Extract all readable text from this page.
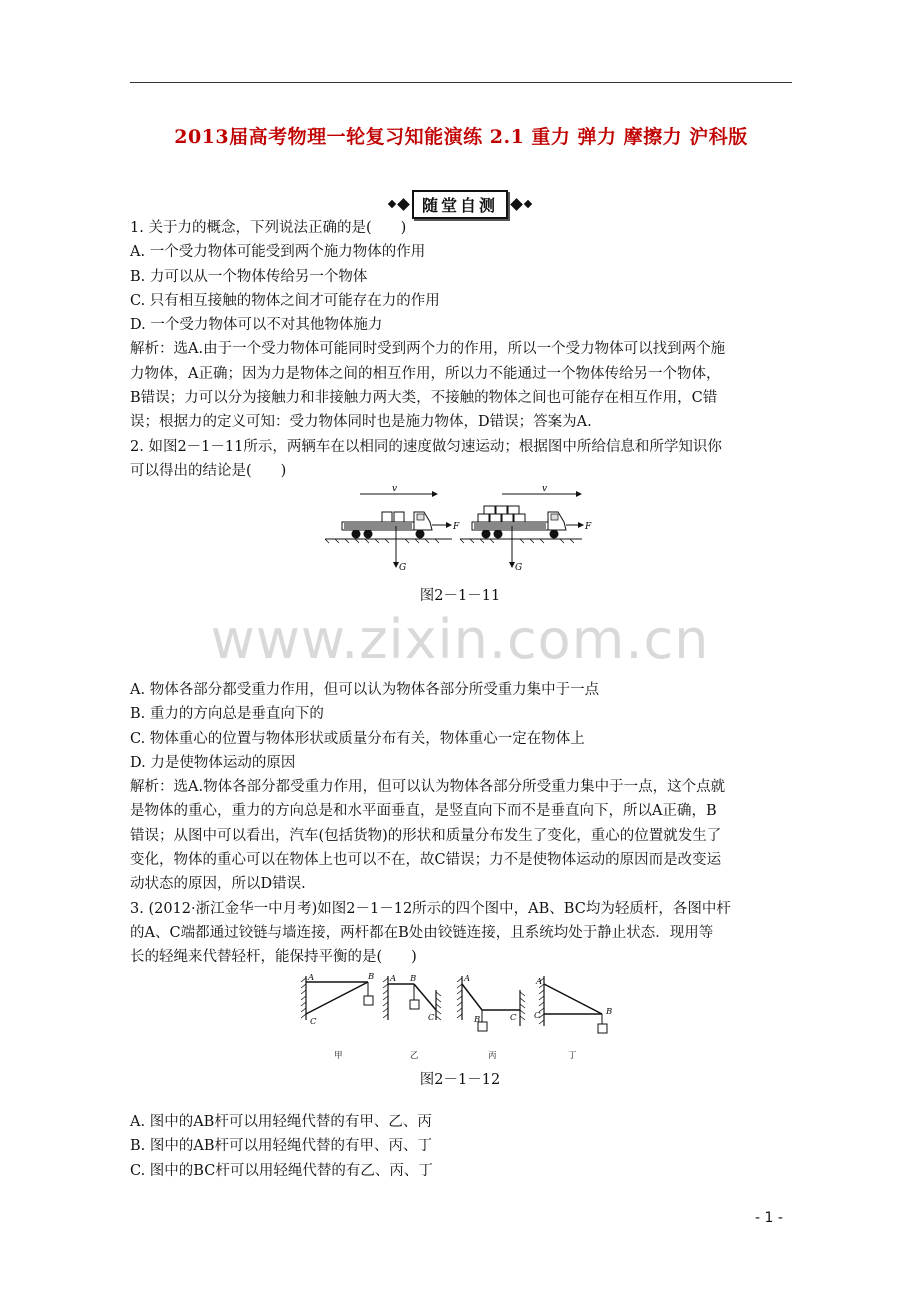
2013届高考物理一轮复习知能演练 2.1 重力 弹力 摩擦力 沪科版
随堂自测

1. 关于力的概念，下列说法正确的是(　　)

A. 一个受力物体可能受到两个施力物体的作用

B. 力可以从一个物体传给另一个物体

C. 只有相互接触的物体之间才可能存在力的作用

D. 一个受力物体可以不对其他物体施力

解析：选A.由于一个受力物体可能同时受到两个力的作用，所以一个受力物体可以找到两个施

力物体，A正确；因为力是物体之间的相互作用，所以力不能通过一个物体传给另一个物体，

B错误；力可以分为接触力和非接触力两大类，不接触的物体之间也可能存在相互作用，C错

误；根据力的定义可知：受力物体同时也是施力物体，D错误；答案为A.

2. 如图2－1－11所示，两辆车在以相同的速度做匀速运动；根据图中所给信息和所学知识你

可以得出的结论是(　　)

v
F
G
v
F
G
图2－1－11
www.zixin.com.cn

A. 物体各部分都受重力作用，但可以认为物体各部分所受重力集中于一点

B. 重力的方向总是垂直向下的

C. 物体重心的位置与物体形状或质量分布有关，物体重心一定在物体上

D. 力是使物体运动的原因

解析：选A.物体各部分都受重力作用，但可以认为物体各部分所受重力集中于一点，这个点就

是物体的重心，重力的方向总是和水平面垂直，是竖直向下而不是垂直向下，所以A正确，B

错误；从图中可以看出，汽车(包括货物)的形状和质量分布发生了变化，重心的位置就发生了

变化，物体的重心可以在物体上也可以不在，故C错误；力不是使物体运动的原因而是改变运

动状态的原因，所以D错误.

3. (2012·浙江金华一中月考)如图2－1－12所示的四个图中，AB、BC均为轻质杆，各图中杆

的A、C端都通过铰链与墙连接，两杆都在B处由铰链连接，且系统均处于静止状态．现用等

长的轻绳来代替轻杆，能保持平衡的是(　　)

A	B
C
甲
A B
C
乙
A
B	C
丙
A
B
C
丁
图2－1－12

A. 图中的AB杆可以用轻绳代替的有甲、乙、丙

B. 图中的AB杆可以用轻绳代替的有甲、丙、丁

C. 图中的BC杆可以用轻绳代替的有乙、丙、丁

- 1 -
